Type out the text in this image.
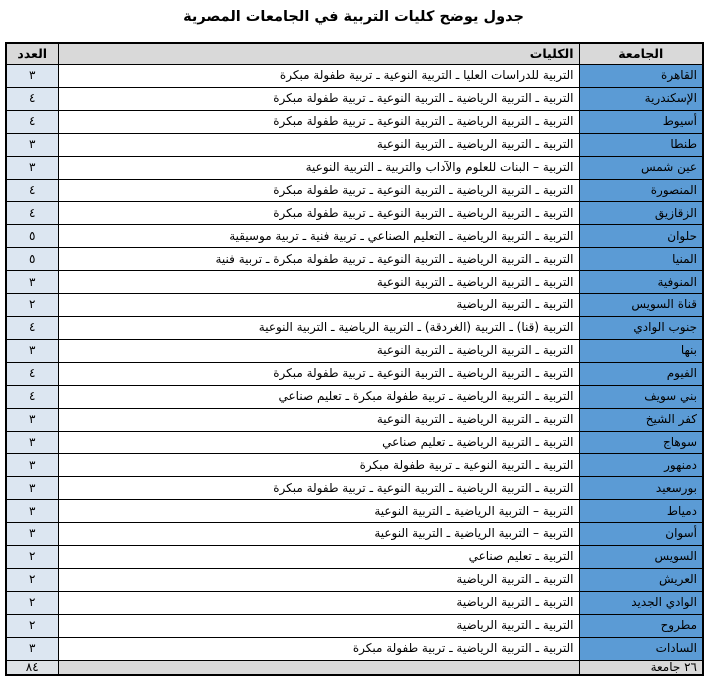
جدول يوضح كليات التربية في الجامعات المصرية
الجامعة	الكليات	العدد
القاهرة	التربية للدراسات العليا ـ التربية النوعية ـ تربية طفولة مبكرة	٣
الإسكندرية	التربية ـ التربية الرياضية ـ التربية النوعية ـ تربية طفولة مبكرة	٤
أسيوط	التربية ـ التربية الرياضية ـ التربية النوعية ـ تربية طفولة مبكرة	٤
طنطا	التربية ـ التربية الرياضية ـ التربية النوعية	٣
عين شمس	التربية – البنات للعلوم والآداب والتربية ـ التربية النوعية	٣
المنصورة	التربية ـ التربية الرياضية ـ التربية النوعية ـ تربية طفولة مبكرة	٤
الزقازيق	التربية ـ التربية الرياضية ـ التربية النوعية ـ تربية طفولة مبكرة	٤
حلوان	التربية ـ التربية الرياضية ـ التعليم الصناعي ـ تربية فنية ـ تربية موسيقية	٥
المنيا	التربية ـ التربية الرياضية ـ التربية النوعية ـ تربية طفولة مبكرة ـ تربية فنية	٥
المنوفية	التربية ـ التربية الرياضية ـ التربية النوعية	٣
قناة السويس	التربية ـ التربية الرياضية	٢
جنوب الوادي	التربية (قنا) ـ التربية (الغردقة) ـ التربية الرياضية ـ التربية النوعية	٤
بنها	التربية ـ التربية الرياضية ـ التربية النوعية	٣
الفيوم	التربية ـ التربية الرياضية ـ التربية النوعية ـ تربية طفولة مبكرة	٤
بني سويف	التربية ـ التربية الرياضية ـ تربية طفولة مبكرة ـ تعليم صناعي	٤
كفر الشيخ	التربية ـ التربية الرياضية ـ التربية النوعية	٣
سوهاج	التربية ـ التربية الرياضية ـ تعليم صناعي	٣
دمنهور	التربية ـ التربية النوعية ـ تربية طفولة مبكرة	٣
بورسعيد	التربية ـ التربية الرياضية ـ التربية النوعية ـ تربية طفولة مبكرة	٣
دمياط	التربية – التربية الرياضية ـ التربية النوعية	٣
أسوان	التربية – التربية الرياضية ـ التربية النوعية	٣
السويس	التربية ـ تعليم صناعي	٢
العريش	التربية ـ التربية الرياضية	٢
الوادي الجديد	التربية ـ التربية الرياضية	٢
مطروح	التربية ـ التربية الرياضية	٢
السادات	التربية ـ التربية الرياضية ـ تربية طفولة مبكرة	٣
٢٦ جامعة		٨٤
